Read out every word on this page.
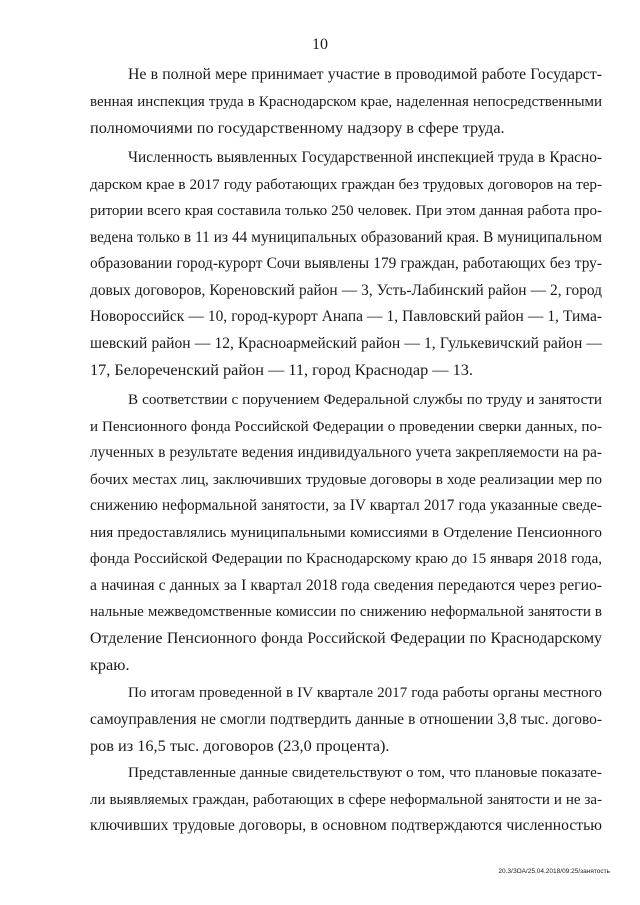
10
Не в полной мере принимает участие в проводимой работе Государст-
венная инспекция труда в Краснодарском крае, наделенная непосредственными
полномочиями по государственному надзору в сфере труда.
Численность выявленных Государственной инспекцией труда в Красно-
дарском крае в 2017 году работающих граждан без трудовых договоров на тер-
ритории всего края составила только 250 человек. При этом данная работа про-
ведена только в 11 из 44 муниципальных образований края. В муниципальном
образовании город-курорт Сочи выявлены 179 граждан, работающих без тру-
довых договоров, Кореновский район — 3, Усть-Лабинский район — 2, город
Новороссийск — 10, город-курорт Анапа — 1, Павловский район — 1, Тима-
шевский район — 12, Красноармейский район — 1, Гулькевичский район —
17, Белореченский район — 11, город Краснодар — 13.
В соответствии с поручением Федеральной службы по труду и занятости
и Пенсионного фонда Российской Федерации о проведении сверки данных, по-
лученных в результате ведения индивидуального учета закрепляемости на ра-
бочих местах лиц, заключивших трудовые договоры в ходе реализации мер по
снижению неформальной занятости, за IV квартал 2017 года указанные сведе-
ния предоставлялись муниципальными комиссиями в Отделение Пенсионного
фонда Российской Федерации по Краснодарскому краю до 15 января 2018 года,
а начиная с данных за I квартал 2018 года сведения передаются через регио-
нальные межведомственные комиссии по снижению неформальной занятости в
Отделение Пенсионного фонда Российской Федерации по Краснодарскому
краю.
По итогам проведенной в IV квартале 2017 года работы органы местного
самоуправления не смогли подтвердить данные в отношении 3,8 тыс. догово-
ров из 16,5 тыс. договоров (23,0 процента).
Представленные данные свидетельствуют о том, что плановые показате-
ли выявляемых граждан, работающих в сфере неформальной занятости и не за-
ключивших трудовые договоры, в основном подтверждаются численностью
20.3/ЗОА/25.04.2018/09:25/занятость
